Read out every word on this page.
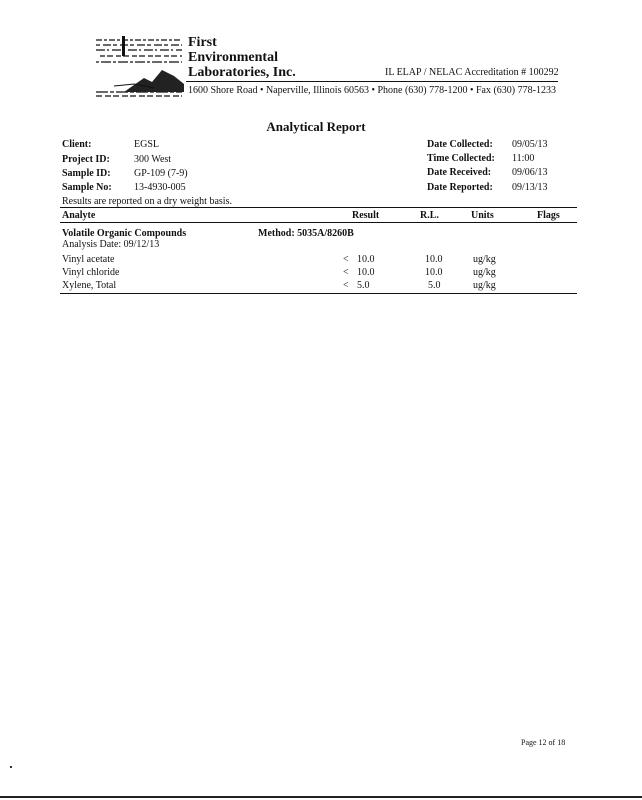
First
Environmental
Laboratories, Inc.	IL ELAP / NELAC Accreditation # 100292
1600 Shore Road • Naperville, Illinois 60563 • Phone (630) 778-1200 • Fax (630) 778-1233
Analytical Report
Client:	EGSL
Project ID: 300 West
Sample ID: GP-109 (7-9)
Sample No: 13-4930-005
Date Collected: 09/05/13
Time Collected: 11:00
Date Received: 09/06/13
Date Reported: 09/13/13
Results are reported on a dry weight basis.
Analyte	Result	R.L.	Units	Flags
Volatile Organic Compounds	Method: 5035A/8260B
Analysis Date: 09/12/13
Vinyl acetate	< 10.0	10.0	ug/kg
Vinyl chloride	< 10.0	10.0	ug/kg
Xylene, Total	< 5.0	5.0	ug/kg
Page 12 of 18
